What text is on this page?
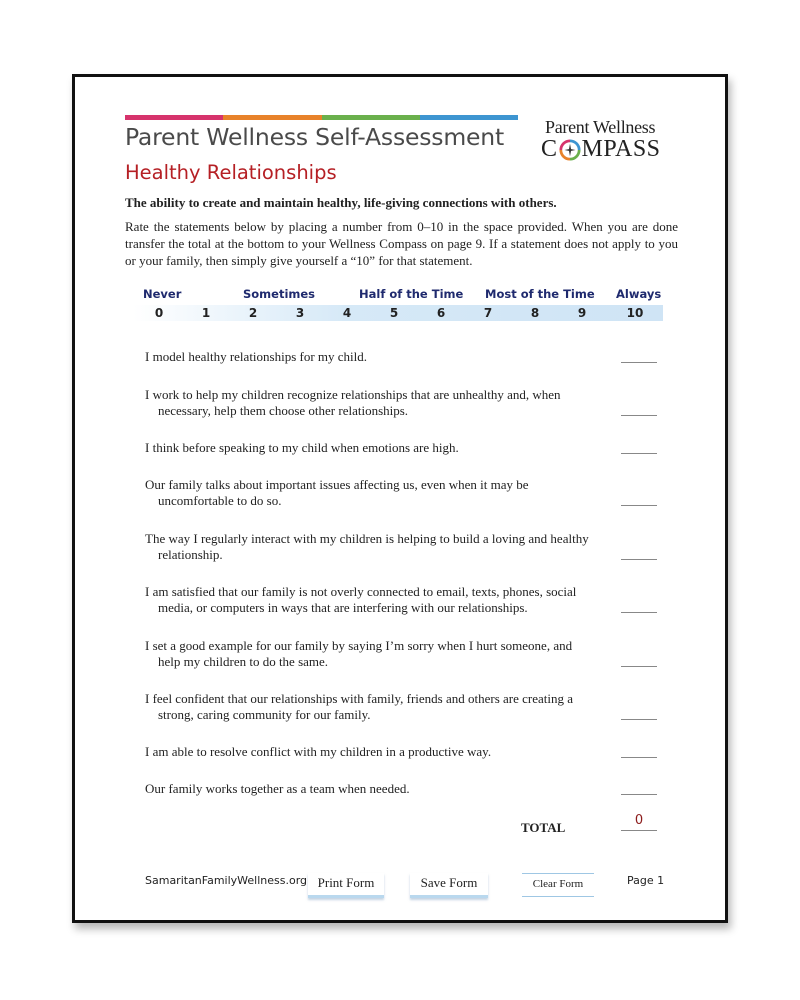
Parent Wellness Self-Assessment
Healthy Relationships
Parent Wellness
C MPASS
The ability to create and maintain healthy, life-giving connections with others.
Rate the statements below by placing a number from 0–10 in the space provided. When you are done transfer the total at the bottom to your Wellness Compass on page 9. If a statement does not apply to you or your family, then simply give yourself a “10” for that statement.
Never	Sometimes	Half of the Time Most of the Time Always
0	1	2	3	4	5	6	7	8	9	10
I model healthy relationships for my child.
I work to help my children recognize relationships that are unhealthy and, when
necessary, help them choose other relationships.
I think before speaking to my child when emotions are high.
Our family talks about important issues affecting us, even when it may be
uncomfortable to do so.
The way I regularly interact with my children is helping to build a loving and healthy
relationship.
I am satisfied that our family is not overly connected to email, texts, phones, social
media, or computers in ways that are interfering with our relationships.
I set a good example for our family by saying I’m sorry when I hurt someone, and
help my children to do the same.
I feel confident that our relationships with family, friends and others are creating a
strong, caring community for our family.
I am able to resolve conflict with my children in a productive way.
Our family works together as a team when needed.
TOTAL	0
SamaritanFamilyWellness.org Print Form	Save Form	Clear Form	Page 1
